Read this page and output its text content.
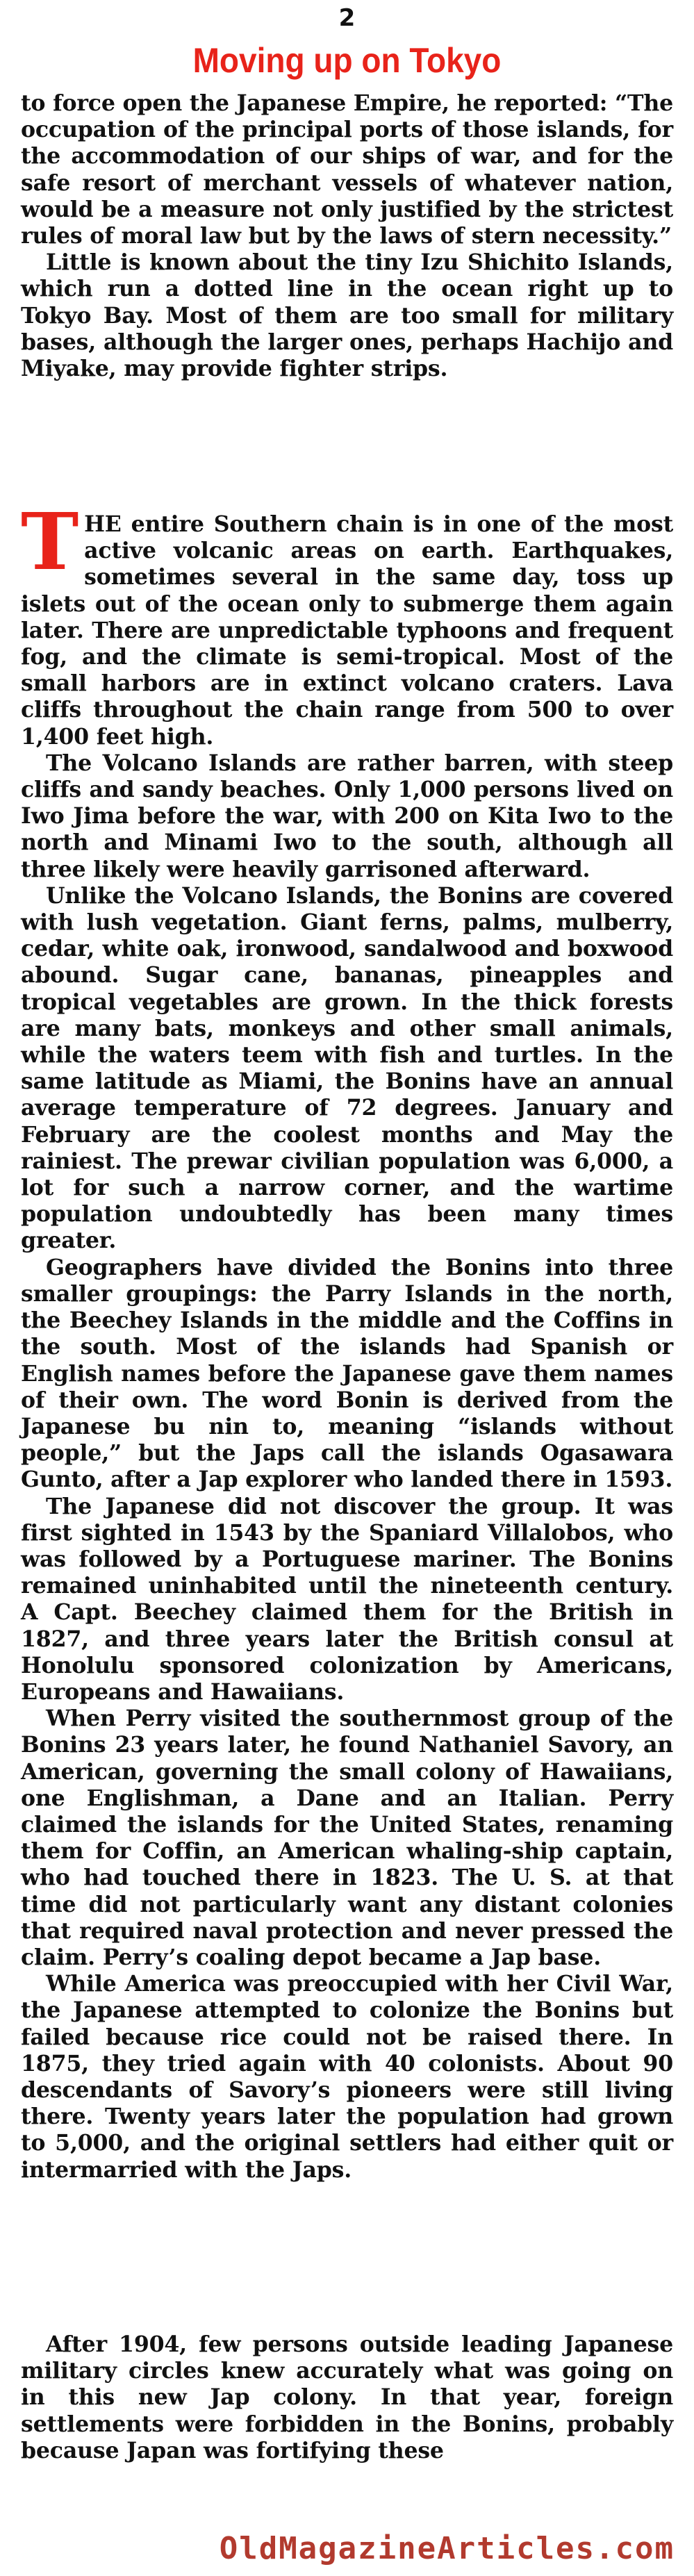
2
Moving up on Tokyo

to force open the Japanese Empire, he reported: “The occupation of the principal ports of those islands, for the accommodation of our ships of war, and for the safe resort of merchant vessels of whatever nation, would be a measure not only justified by the strictest rules of moral law but by the laws of stern necessity.”

Little is known about the tiny Izu Shichito Islands, which run a dotted line in the ocean right up to Tokyo Bay. Most of them are too small for military bases, although the larger ones, perhaps Hachijo and Miyake, may provide fighter strips.

THE entire Southern chain is in one of the most active volcanic areas on earth. Earthquakes, sometimes several in the same day, toss up islets out of the ocean only to submerge them again later. There are unpredictable typhoons and frequent fog, and the climate is semi-tropical. Most of the small harbors are in extinct volcano craters. Lava cliffs throughout the chain range from 500 to over 1,400 feet high.

The Volcano Islands are rather barren, with steep cliffs and sandy beaches. Only 1,000 persons lived on Iwo Jima before the war, with 200 on Kita Iwo to the north and Minami Iwo to the south, although all three likely were heavily garrisoned afterward.

Unlike the Volcano Islands, the Bonins are covered with lush vegetation. Giant ferns, palms, mulberry, cedar, white oak, ironwood, sandalwood and boxwood abound. Sugar cane, bananas, pineapples and tropical vegetables are grown. In the thick forests are many bats, monkeys and other small animals, while the waters teem with fish and turtles. In the same latitude as Miami, the Bonins have an annual average temperature of 72 degrees. January and February are the coolest months and May the rainiest. The prewar civilian population was 6,000, a lot for such a narrow corner, and the wartime population undoubtedly has been many times greater.

Geographers have divided the Bonins into three smaller groupings: the Parry Islands in the north, the Beechey Islands in the middle and the Coffins in the south. Most of the islands had Spanish or English names before the Japanese gave them names of their own. The word Bonin is derived from the Japanese bu nin to, meaning “islands without people,” but the Japs call the islands Ogasawara Gunto, after a Jap explorer who landed there in 1593.

The Japanese did not discover the group. It was first sighted in 1543 by the Spaniard Villalobos, who was followed by a Portuguese mariner. The Bonins remained uninhabited until the nineteenth century. A Capt. Beechey claimed them for the British in 1827, and three years later the British consul at Honolulu sponsored colonization by Americans, Europeans and Hawaiians.

When Perry visited the southernmost group of the Bonins 23 years later, he found Nathaniel Savory, an American, governing the small colony of Hawaiians, one Englishman, a Dane and an Italian. Perry claimed the islands for the United States, renaming them for Coffin, an American whaling-ship captain, who had touched there in 1823. The U. S. at that time did not particularly want any distant colonies that required naval protection and never pressed the claim. Perry’s coaling depot became a Jap base.

While America was preoccupied with her Civil War, the Japanese attempted to colonize the Bonins but failed because rice could not be raised there. In 1875, they tried again with 40 colonists. About 90 descendants of Savory’s pioneers were still living there. Twenty years later the population had grown to 5,000, and the original settlers had either quit or intermarried with the Japs.

After 1904, few persons outside leading Japanese military circles knew accurately what was going on in this new Jap colony. In that year, foreign settlements were forbidden in the Bonins, probably because Japan was fortifying these

OldMagazineArticles.com
